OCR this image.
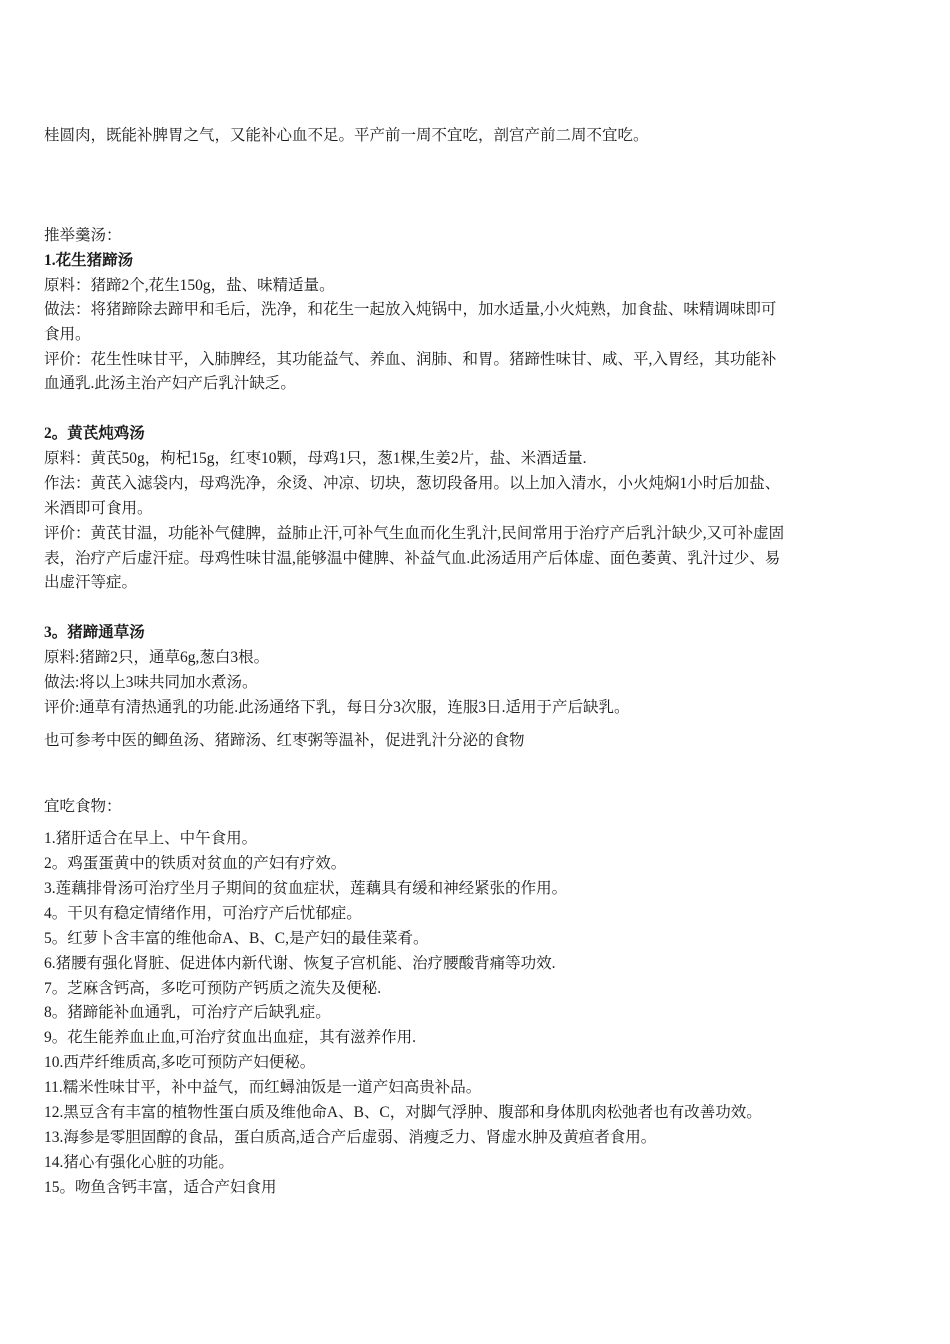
桂圆肉，既能补脾胃之气，又能补心血不足。平产前一周不宜吃，剖宫产前二周不宜吃。
推举羹汤：
1.花生猪蹄汤
原料：猪蹄2个,花生150g，盐、味精适量。
做法：将猪蹄除去蹄甲和毛后，洗净，和花生一起放入炖锅中，加水适量,小火炖熟，加食盐、味精调味即可
食用。
评价：花生性味甘平，入肺脾经，其功能益气、养血、润肺、和胃。猪蹄性味甘、咸、平,入胃经，其功能补
血通乳.此汤主治产妇产后乳汁缺乏。
2。黄芪炖鸡汤
原料：黄芪50g，枸杞15g，红枣10颗，母鸡1只，葱1棵,生姜2片，盐、米酒适量.
作法：黄芪入滤袋内，母鸡洗净，氽烫、冲凉、切块，葱切段备用。以上加入清水，小火炖焖1小时后加盐、
米酒即可食用。
评价：黄芪甘温，功能补气健脾，益肺止汗,可补气生血而化生乳汁,民间常用于治疗产后乳汁缺少,又可补虚固
表，治疗产后虚汗症。母鸡性味甘温,能够温中健脾、补益气血.此汤适用产后体虚、面色萎黄、乳汁过少、易
出虚汗等症。
3。猪蹄通草汤
原料:猪蹄2只，通草6g,葱白3根。
做法:将以上3味共同加水煮汤。
评价:通草有清热通乳的功能.此汤通络下乳，每日分3次服，连服3日.适用于产后缺乳。
也可参考中医的鲫鱼汤、猪蹄汤、红枣粥等温补，促进乳汁分泌的食物
宜吃食物：
1.猪肝适合在早上、中午食用。
2。鸡蛋蛋黄中的铁质对贫血的产妇有疗效。
3.莲藕排骨汤可治疗坐月子期间的贫血症状，莲藕具有缓和神经紧张的作用。
4。干贝有稳定情绪作用，可治疗产后忧郁症。
5。红萝卜含丰富的维他命A、B、C,是产妇的最佳菜肴。
6.猪腰有强化肾脏、促进体内新代谢、恢复子宫机能、治疗腰酸背痛等功效.
7。芝麻含钙高，多吃可预防产钙质之流失及便秘.
8。猪蹄能补血通乳，可治疗产后缺乳症。
9。花生能养血止血,可治疗贫血出血症，其有滋养作用.
10.西芹纤维质高,多吃可预防产妇便秘。
11.糯米性味甘平，补中益气，而红蟳油饭是一道产妇高贵补品。
12.黑豆含有丰富的植物性蛋白质及维他命A、B、C，对脚气浮肿、腹部和身体肌肉松弛者也有改善功效。
13.海参是零胆固醇的食品，蛋白质高,适合产后虚弱、消瘦乏力、肾虚水肿及黄疸者食用。
14.猪心有强化心脏的功能。
15。吻鱼含钙丰富，适合产妇食用
